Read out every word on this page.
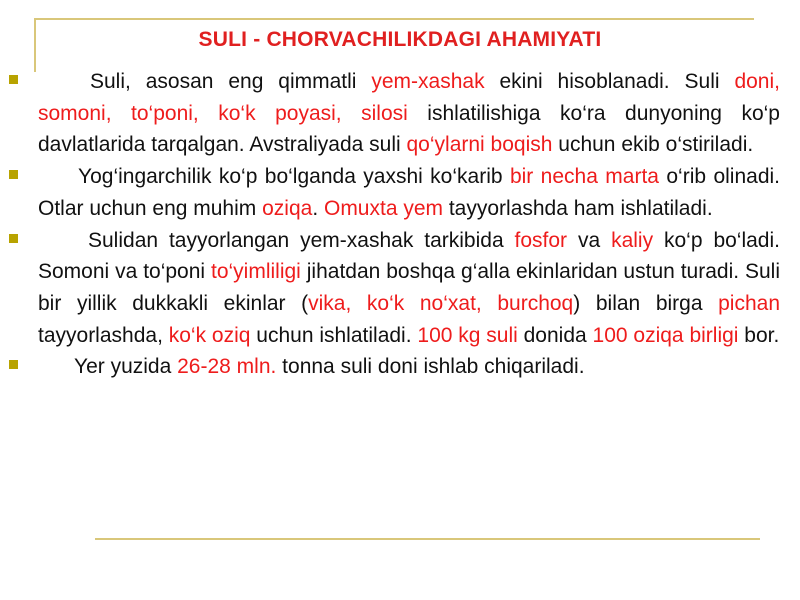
SULI - CHORVACHILIKDAGI AHAMIYATI
Suli, asosan eng qimmatli yem-xashak ekini hisoblanadi. Suli doni, somoni, to‘poni, ko‘k poyasi, silosi ishlatilishiga ko‘ra dunyoning ko‘p davlatlarida tarqalgan. Avstraliyada suli qo‘ylarni boqish uchun ekib o‘stiriladi.
Yog‘ingarchilik ko‘p bo‘lganda yaxshi ko‘karib bir necha marta o‘rib olinadi. Otlar uchun eng muhim oziqa. Omuxta yem tayyorlashda ham ishlatiladi.
Sulidan tayyorlangan yem-xashak tarkibida fosfor va kaliy ko‘p bo‘ladi. Somoni va to‘poni to‘yimliligi jihatdan boshqa g‘alla ekinlaridan ustun turadi. Suli bir yillik dukkakli ekinlar (vika, ko‘k no‘xat, burchoq) bilan birga pichan tayyorlashda, ko‘k oziq uchun ishlatiladi. 100 kg suli donida 100 oziqa birligi bor.
Yer yuzida 26-28 mln. tonna suli doni ishlab chiqariladi.
